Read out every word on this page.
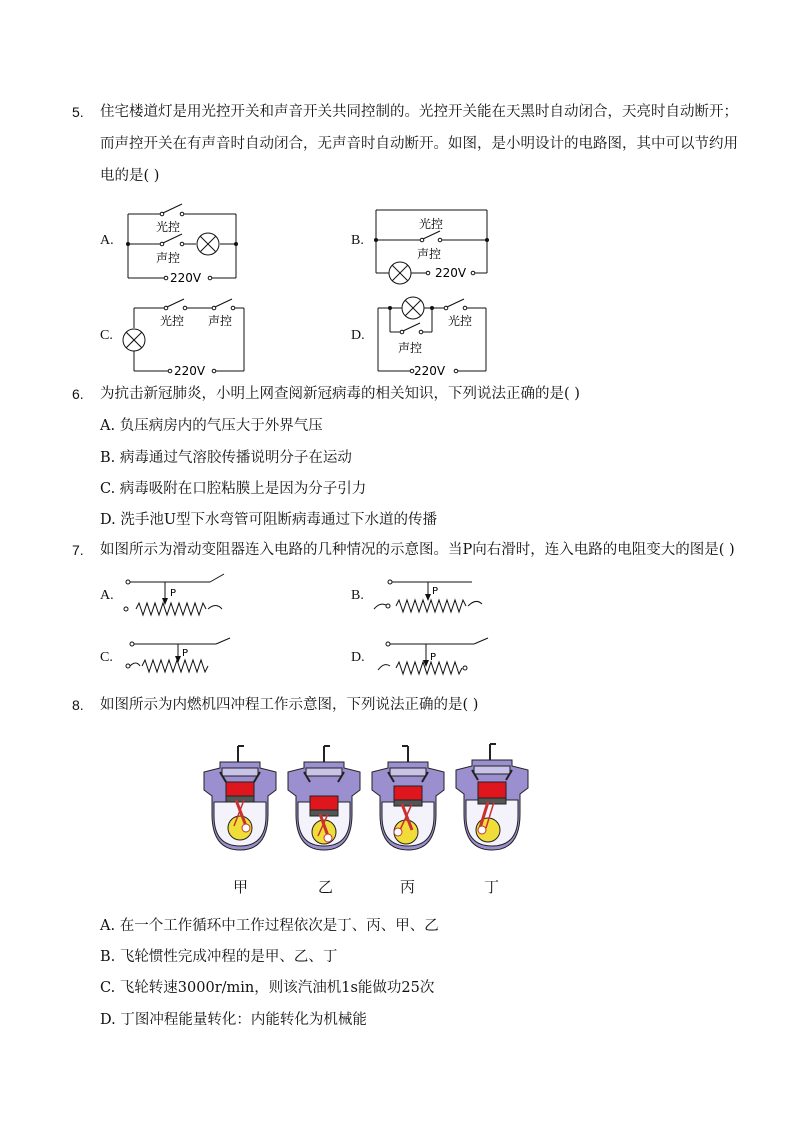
5. 住宅楼道灯是用光控开关和声音开关共同控制的。光控开关能在天黑时自动闭合，天亮时自动断开；
而声控开关在有声音时自动闭合，无声音时自动断开。如图，是小明设计的电路图，其中可以节约用
电的是( )
A.
光控
声控
220V
B.
光控
声控
220V
C.
光控 声控
220V
D.
光控
声控
220V
6. 为抗击新冠肺炎，小明上网查阅新冠病毒的相关知识，下列说法正确的是( )
A. 负压病房内的气压大于外界气压
B. 病毒通过气溶胶传播说明分子在运动
C. 病毒吸附在口腔粘膜上是因为分子引力
D. 洗手池U型下水弯管可阻断病毒通过下水道的传播
7. 如图所示为滑动变阻器连入电路的几种情况的示意图。当P向右滑时，连入电路的电阻变大的图是( )
A.	P	B.	P
C.	P	D.	P
8. 如图所示为内燃机四冲程工作示意图，下列说法正确的是( )
甲	乙	丙	丁
A. 在一个工作循环中工作过程依次是丁、丙、甲、乙
B. 飞轮惯性完成冲程的是甲、乙、丁
C. 飞轮转速3000r/min，则该汽油机1s能做功25次
D. 丁图冲程能量转化：内能转化为机械能
